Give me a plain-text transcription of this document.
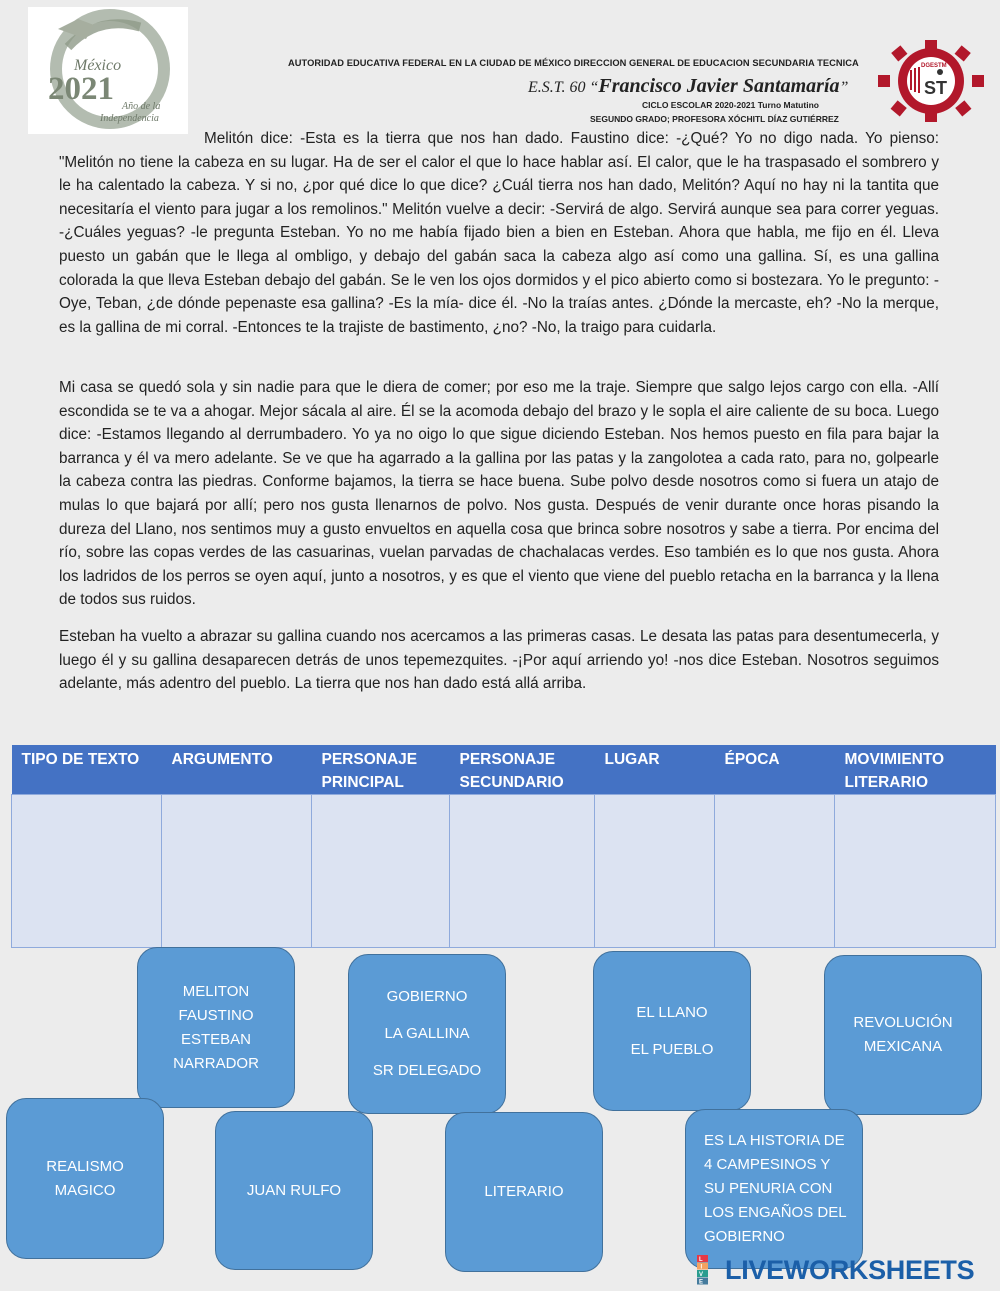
México
2021 Año de la
Independencia
AUTORIDAD EDUCATIVA FEDERAL EN LA CIUDAD DE MÉXICO DIRECCION GENERAL DE EDUCACION SECUNDARIA TECNICA
E.S.T. 60 “Francisco Javier Santamaría”
CICLO ESCOLAR 2020-2021 Turno Matutino
SEGUNDO GRADO; PROFESORA XÓCHITL DÍAZ GUTIÉRREZ
DGESTM
ST
Melitón dice: -Esta es la tierra que nos han dado. Faustino dice: -¿Qué? Yo no digo nada. Yo pienso: "Melitón no tiene la cabeza en su lugar. Ha de ser el calor el que lo hace hablar así. El calor, que le ha traspasado el sombrero y le ha calentado la cabeza. Y si no, ¿por qué dice lo que dice? ¿Cuál tierra nos han dado, Melitón? Aquí no hay ni la tantita que necesitaría el viento para jugar a los remolinos." Melitón vuelve a decir: -Servirá de algo. Servirá aunque sea para correr yeguas. -¿Cuáles yeguas? -le pregunta Esteban. Yo no me había fijado bien a bien en Esteban. Ahora que habla, me fijo en él. Lleva puesto un gabán que le llega al ombligo, y debajo del gabán saca la cabeza algo así como una gallina. Sí, es una gallina colorada la que lleva Esteban debajo del gabán. Se le ven los ojos dormidos y el pico abierto como si bostezara. Yo le pregunto: -Oye, Teban, ¿de dónde pepenaste esa gallina? -Es la mía- dice él. -No la traías antes. ¿Dónde la mercaste, eh? -No la merque, es la gallina de mi corral. -Entonces te la trajiste de bastimento, ¿no? -No, la traigo para cuidarla.
Mi casa se quedó sola y sin nadie para que le diera de comer; por eso me la traje. Siempre que salgo lejos cargo con ella. -Allí escondida se te va a ahogar. Mejor sácala al aire. Él se la acomoda debajo del brazo y le sopla el aire caliente de su boca. Luego dice: -Estamos llegando al derrumbadero. Yo ya no oigo lo que sigue diciendo Esteban. Nos hemos puesto en fila para bajar la barranca y él va mero adelante. Se ve que ha agarrado a la gallina por las patas y la zangolotea a cada rato, para no, golpearle la cabeza contra las piedras. Conforme bajamos, la tierra se hace buena. Sube polvo desde nosotros como si fuera un atajo de mulas lo que bajará por allí; pero nos gusta llenarnos de polvo. Nos gusta. Después de venir durante once horas pisando la dureza del Llano, nos sentimos muy a gusto envueltos en aquella cosa que brinca sobre nosotros y sabe a tierra. Por encima del río, sobre las copas verdes de las casuarinas, vuelan parvadas de chachalacas verdes. Eso también es lo que nos gusta. Ahora los ladridos de los perros se oyen aquí, junto a nosotros, y es que el viento que viene del pueblo retacha en la barranca y la llena de todos sus ruidos.
Esteban ha vuelto a abrazar su gallina cuando nos acercamos a las primeras casas. Le desata las patas para desentumecerla, y luego él y su gallina desaparecen detrás de unos tepemezquites. -¡Por aquí arriendo yo! -nos dice Esteban. Nosotros seguimos adelante, más adentro del pueblo. La tierra que nos han dado está allá arriba.
TIPO DE TEXTO	ARGUMENTO	PERSONAJE PRINCIPAL	PERSONAJE SECUNDARIO	LUGAR	ÉPOCA	MOVIMIENTO LITERARIO

MELITON
FAUSTINO
ESTEBAN
NARRADOR
GOBIERNO
LA GALLINA
SR DELEGADO
EL LLANO
EL PUEBLO
REVOLUCIÓN
MEXICANA
REALISMO
MAGICO	JUAN RULFO	LITERARIO
ES LA HISTORIA DE
4 CAMPESINOS Y
SU PENURIA CON
LOS ENGAÑOS DEL
GOBIERNO
L
I
V
E LIVEWORKSHEETS
